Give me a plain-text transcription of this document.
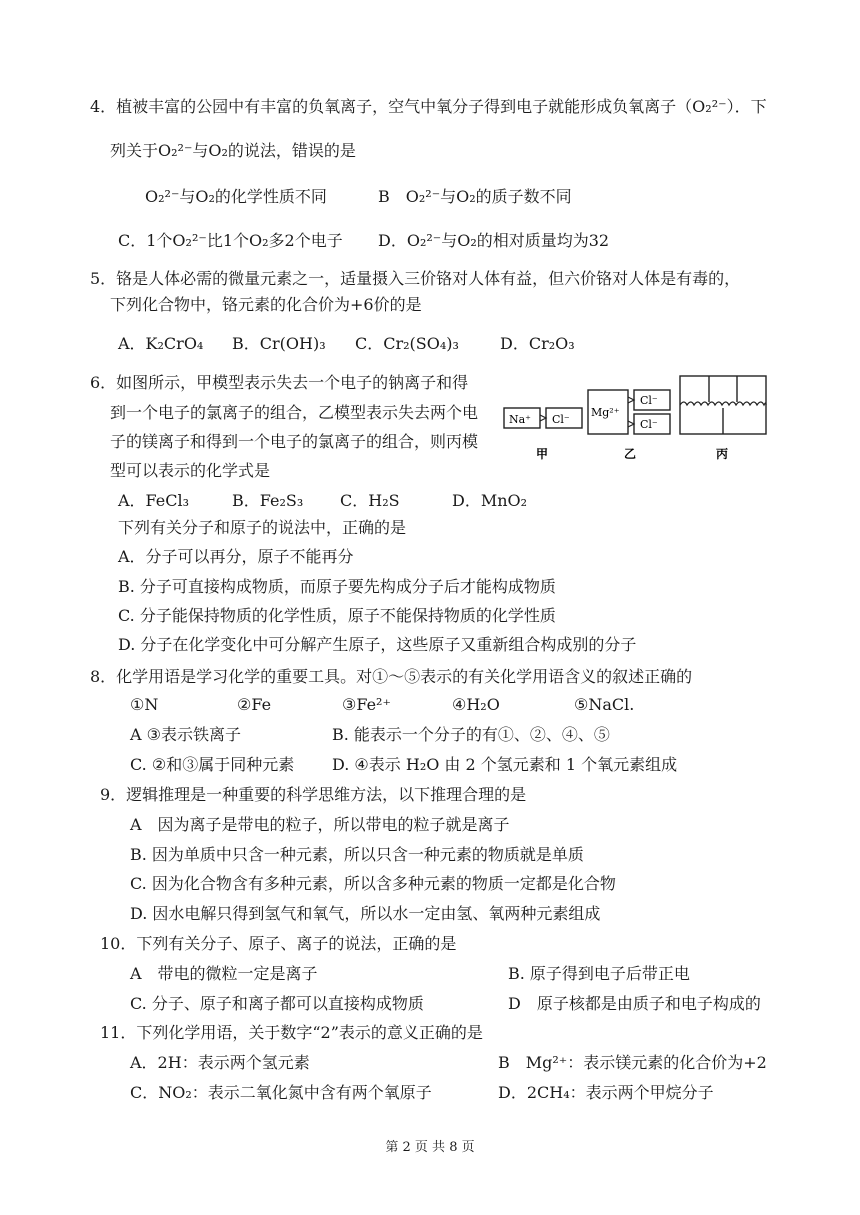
4．植被丰富的公园中有丰富的负氧离子，空气中氧分子得到电子就能形成负氧离子（O₂²⁻）．下
列关于O₂²⁻与O₂的说法，错误的是
O₂²⁻与O₂的化学性质不同	B　O₂²⁻与O₂的质子数不同
C．1个O₂²⁻比1个O₂多2个电子 D．O₂²⁻与O₂的相对质量均为32
5．铬是人体必需的微量元素之一，适量摄入三价铬对人体有益，但六价铬对人体是有毒的，
下列化合物中，铬元素的化合价为+6价的是
A．K₂CrO₄ B．Cr(OH)₃ C．Cr₂(SO₄)₃	D．Cr₂O₃
6．如图所示，甲模型表示失去一个电子的钠离子和得
到一个电子的氯离子的组合，乙模型表示失去两个电
子的镁离子和得到一个电子的氯离子的组合，则丙模
型可以表示的化学式是
A．FeCl₃	B．Fe₂S₃ C．H₂S	D．MnO₂
Na⁺ Cl⁻
甲
Mg²⁺
Cl⁻
Cl⁻
乙	丙
下列有关分子和原子的说法中，正确的是
A．分子可以再分，原子不能再分
B. 分子可直接构成物质，而原子要先构成分子后才能构成物质
C. 分子能保持物质的化学性质，原子不能保持物质的化学性质
D. 分子在化学变化中可分解产生原子，这些原子又重新组合构成别的分子
8．化学用语是学习化学的重要工具。对①～⑤表示的有关化学用语含义的叙述正确的
①N	②Fe	③Fe²⁺	④H₂O	⑤NaCl.
A ③表示铁离子	B. 能表示一个分子的有①、②、④、⑤
C. ②和③属于同种元素 D. ④表示 H₂O 由 2 个氢元素和 1 个氧元素组成
9．逻辑推理是一种重要的科学思维方法，以下推理合理的是
A　因为离子是带电的粒子，所以带电的粒子就是离子
B. 因为单质中只含一种元素，所以只含一种元素的物质就是单质
C. 因为化合物含有多种元素，所以含多种元素的物质一定都是化合物
D. 因水电解只得到氢气和氧气，所以水一定由氢、氧两种元素组成
10．下列有关分子、原子、离子的说法，正确的是
A　带电的微粒一定是离子	B. 原子得到电子后带正电
C. 分子、原子和离子都可以直接构成物质	D　原子核都是由质子和电子构成的
11．下列化学用语，关于数字“2”表示的意义正确的是
A．2H：表示两个氢元素	B　Mg²⁺：表示镁元素的化合价为+2
C．NO₂：表示二氧化氮中含有两个氧原子	D．2CH₄：表示两个甲烷分子
第 2 页 共 8 页
